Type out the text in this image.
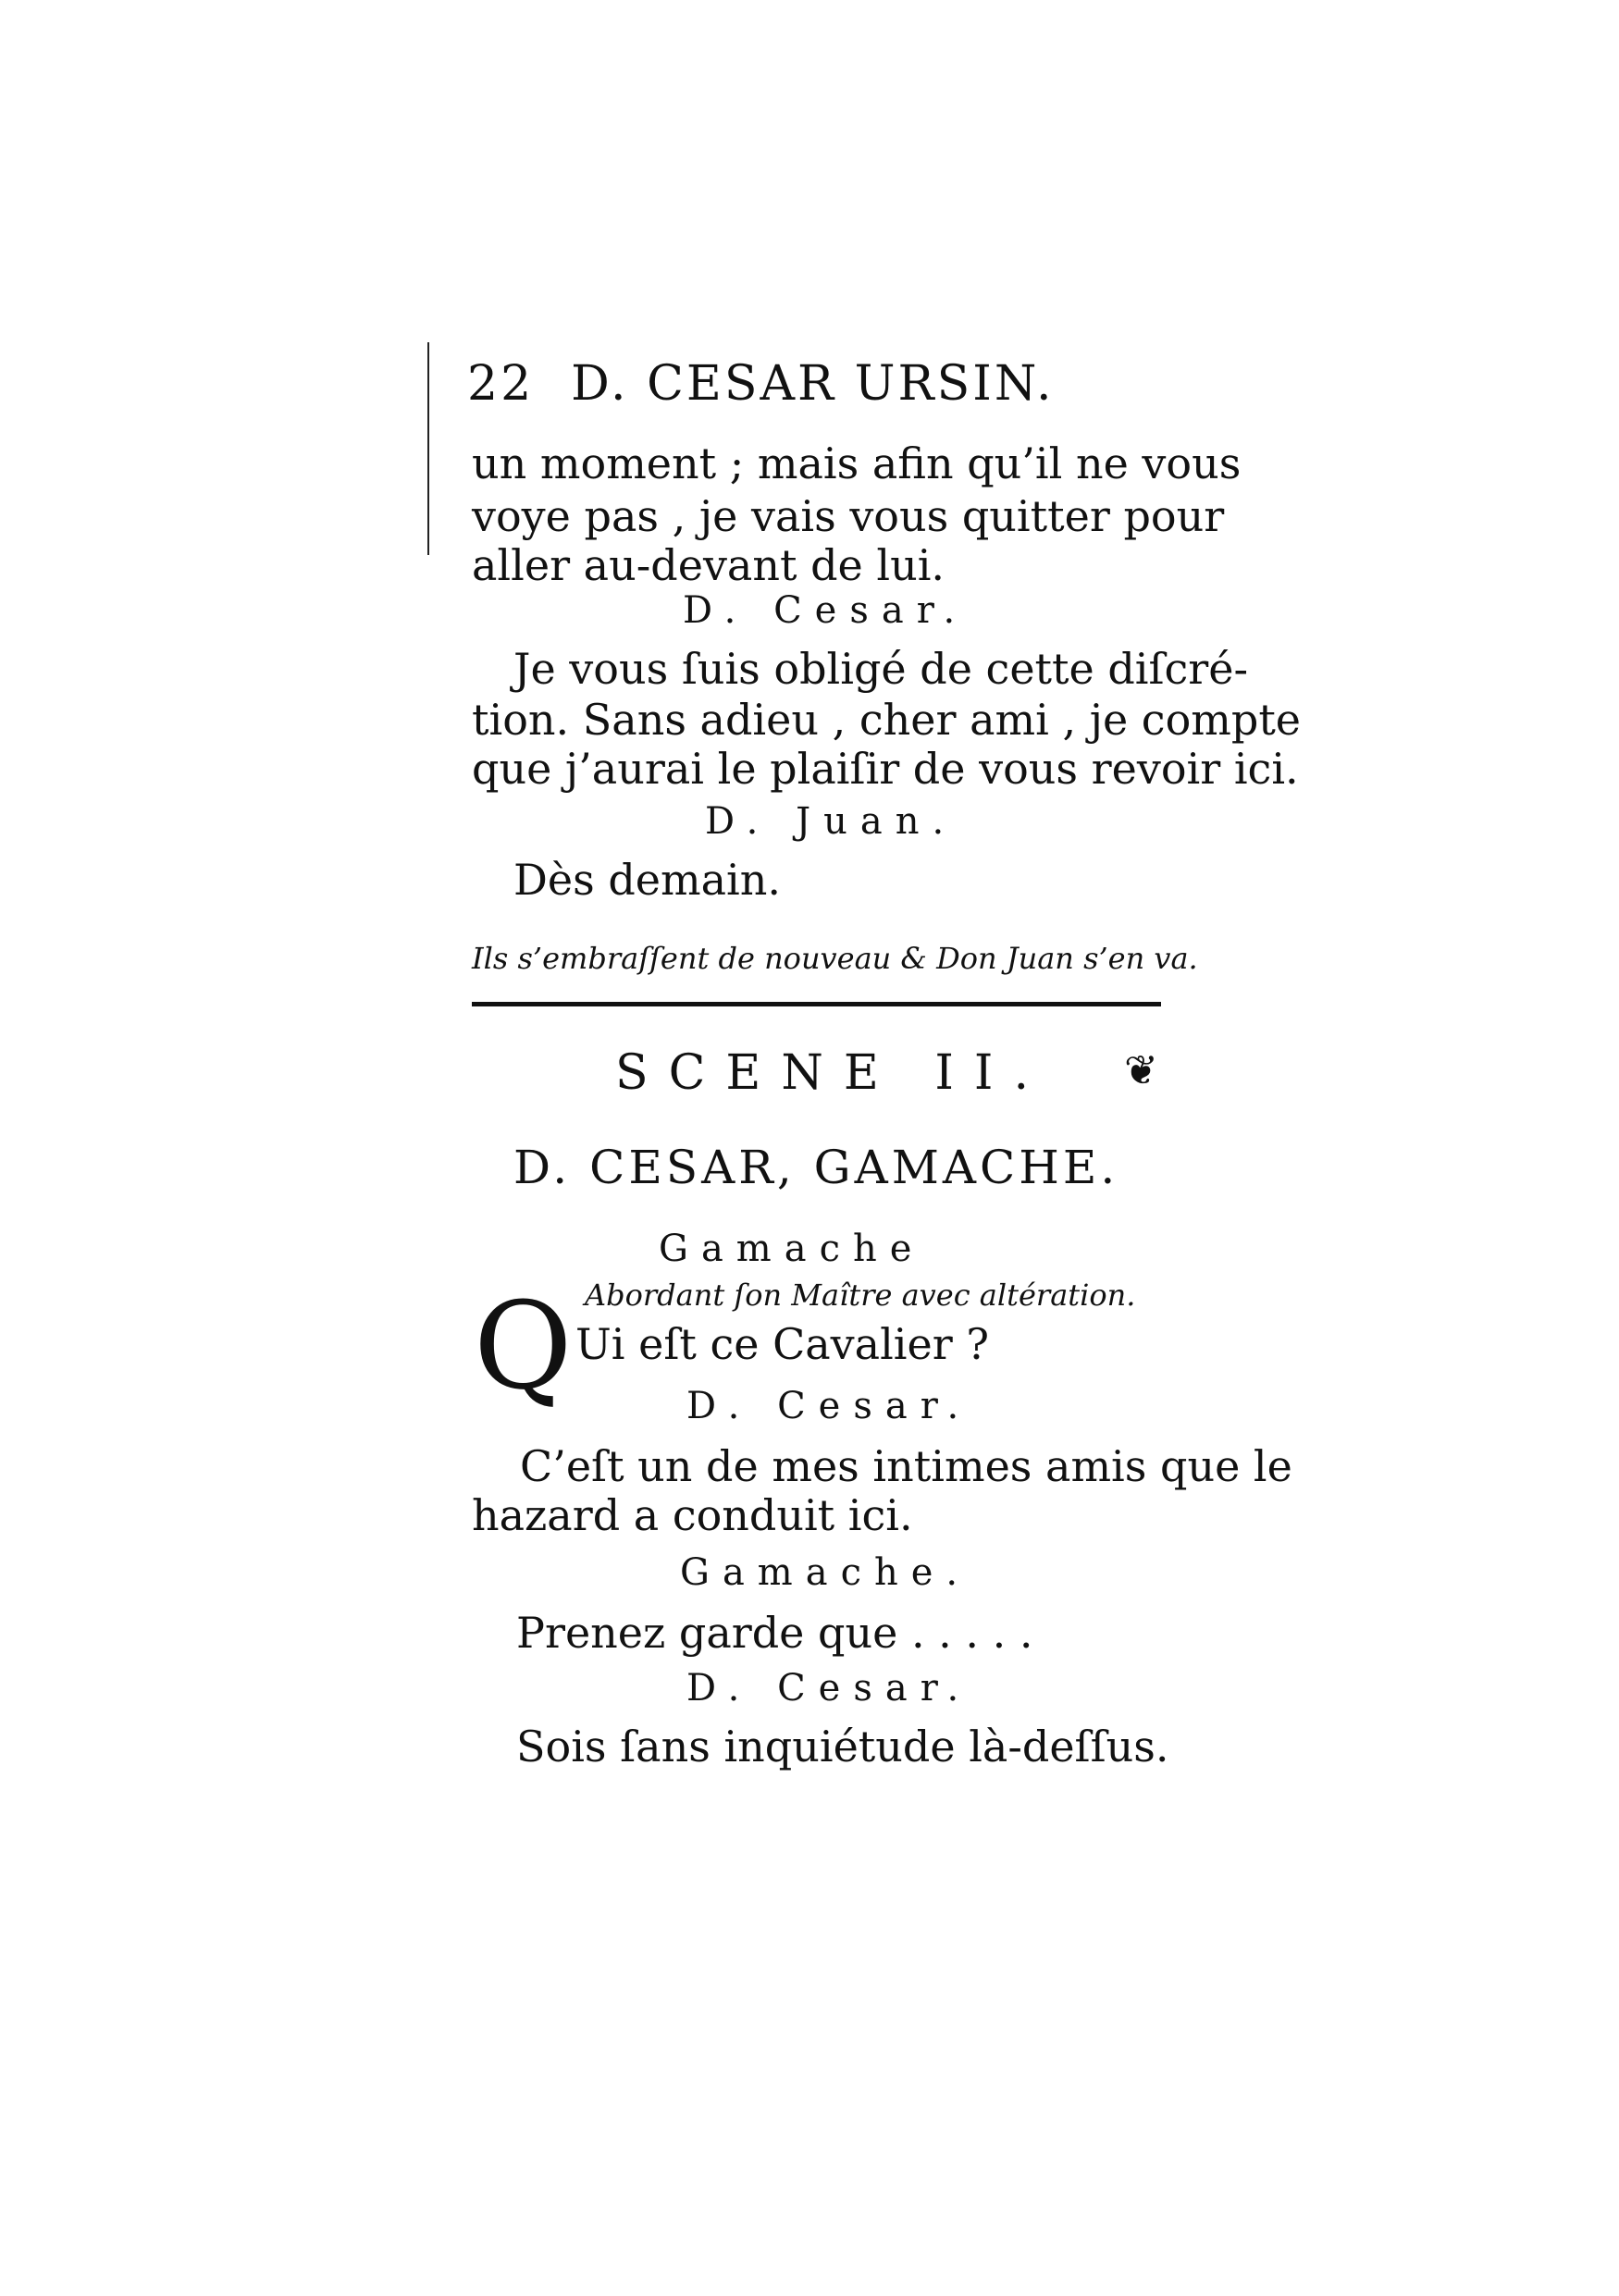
22 D. CESAR URSIN.
un moment ; mais afin qu’il ne vous
voye pas , je vais vous quitter pour
aller au-devant de lui.
D. Cesar.
Je vous ſuis obligé de cette diſcré-
tion. Sans adieu , cher ami , je compte
que j’aurai le plaiſir de vous revoir ici.
D. Juan.
Dès demain.
Ils s’embraſſent de nouveau & Don Juan s’en va.
SCENE II. ❦
D. CESAR, GAMACHE.
Gamache
Abordant ſon Maître avec altération.
Q Ui eſt ce Cavalier ?
D. Cesar.
C’eſt un de mes intimes amis que le
hazard a conduit ici.
Gamache.
Prenez garde que . . . . .
D. Cesar.
Sois ſans inquiétude là-deſſus.
